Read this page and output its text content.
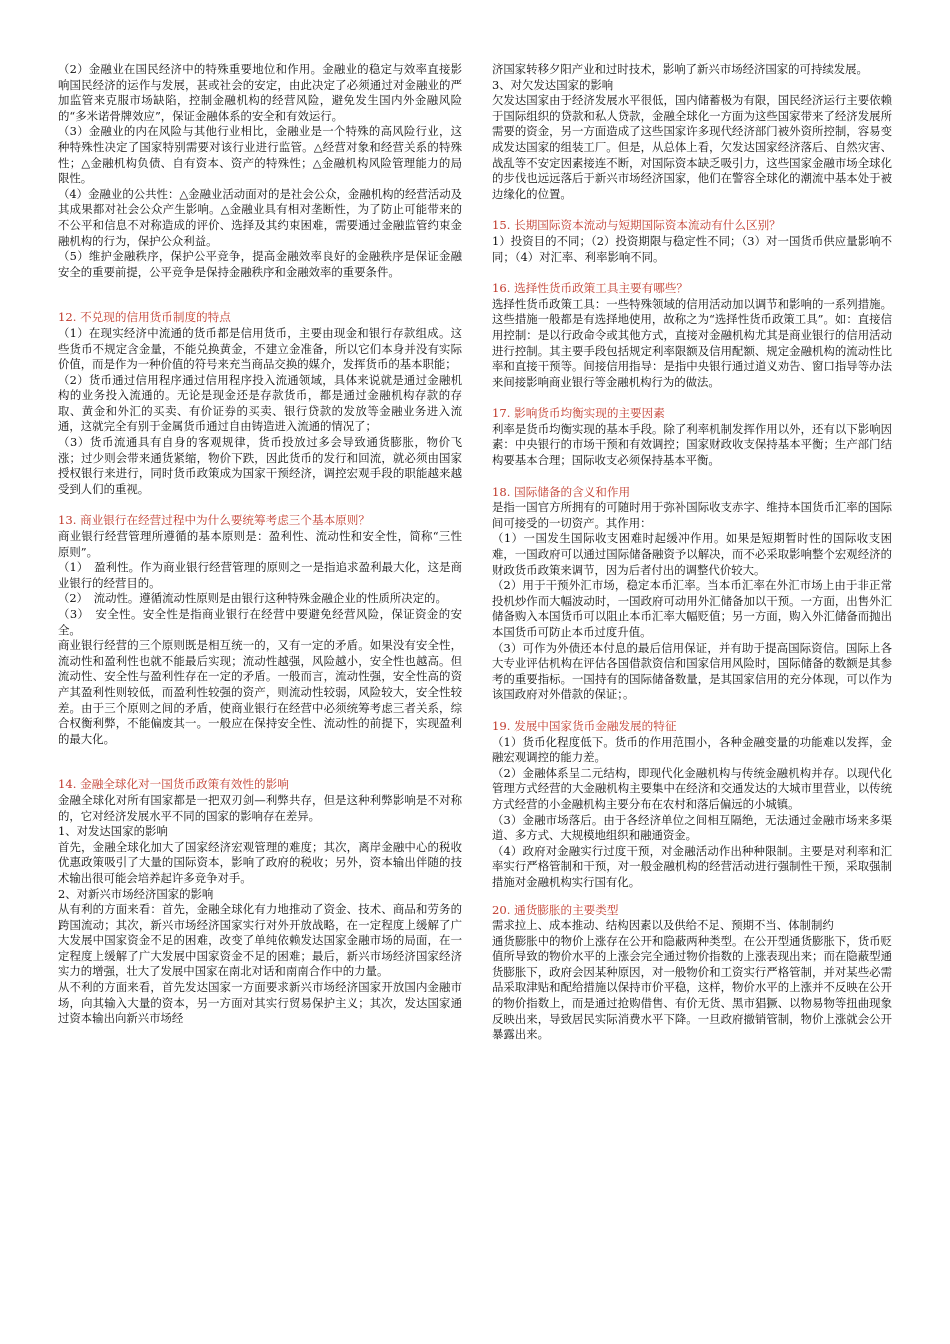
（2）金融业在国民经济中的特殊重要地位和作用。金融业的稳定与效率直接影响国民经济的运作与发展，甚或社会的安定，由此决定了必须通过对金融业的严加监管来克服市场缺陷，控制金融机构的经营风险，避免发生国内外金融风险的“多米诺骨牌效应”，保证金融体系的安全和有效运行。
（3）金融业的内在风险与其他行业相比，金融业是一个特殊的高风险行业，这种特殊性决定了国家特别需要对该行业进行监管。△经营对象和经营关系的特殊性；△金融机构负债、自有资本、资产的特殊性；△金融机构风险管理能力的局限性。
（4）金融业的公共性：△金融业活动面对的是社会公众，金融机构的经营活动及其成果都对社会公众产生影响。△金融业具有相对垄断性，为了防止可能带来的不公平和信息不对称造成的评价、选择及其约束困难，需要通过金融监管约束金融机构的行为，保护公众利益。
（5）维护金融秩序，保护公平竞争，提高金融效率良好的金融秩序是保证金融安全的重要前提，公平竞争是保持金融秩序和金融效率的重要条件。
12. 不兑现的信用货币制度的特点
（1）在现实经济中流通的货币都是信用货币，主要由现金和银行存款组成。这些货币不规定含金量，不能兑换黄金，不建立金准备，所以它们本身并没有实际价值，而是作为一种价值的符号来充当商品交换的媒介，发挥货币的基本职能；
（2）货币通过信用程序通过信用程序投入流通领域，具体来说就是通过金融机构的业务投入流通的。无论是现金还是存款货币，都是通过金融机构存款的存取、黄金和外汇的买卖、有价证券的买卖、银行贷款的发放等金融业务进入流通，这就完全有别于金属货币通过自由铸造进入流通的情况了；
（3）货币流通具有自身的客观规律，货币投放过多会导致通货膨胀，物价飞涨；过少则会带来通货紧缩，物价下跌，因此货币的发行和回流，就必须由国家授权银行来进行，同时货币政策成为国家干预经济，调控宏观手段的职能越来越受到人们的重视。
13. 商业银行在经营过程中为什么要统筹考虑三个基本原则？
商业银行经营管理所遵循的基本原则是：盈利性、流动性和安全性，简称“三性原则”。
（1）　盈利性。作为商业银行经营管理的原则之一是指追求盈利最大化，这是商业银行的经营目的。
（2）　流动性。遵循流动性原则是由银行这种特殊金融企业的性质所决定的。
（3）　安全性。安全性是指商业银行在经营中要避免经营风险，保证资金的安全。
商业银行经营的三个原则既是相互统一的，又有一定的矛盾。如果没有安全性，流动性和盈利性也就不能最后实现；流动性越强，风险越小，安全性也越高。但流动性、安全性与盈利性存在一定的矛盾。一般而言，流动性强，安全性高的资产其盈利性则较低，而盈利性较强的资产，则流动性较弱，风险较大，安全性较差。由于三个原则之间的矛盾，使商业银行在经营中必须统筹考虑三者关系，综合权衡利弊，不能偏废其一。一般应在保持安全性、流动性的前提下，实现盈利的最大化。
14. 金融全球化对一国货币政策有效性的影响
金融全球化对所有国家都是一把双刃剑—利弊共存，但是这种利弊影响是不对称的，它对经济发展水平不同的国家的影响存在差异。
1、对发达国家的影响
首先，金融全球化加大了国家经济宏观管理的难度；其次，离岸金融中心的税收优惠政策吸引了大量的国际资本，影响了政府的税收；另外，资本输出伴随的技术输出很可能会培养起许多竞争对手。
2、对新兴市场经济国家的影响
从有利的方面来看：首先，金融全球化有力地推动了资金、技术、商品和劳务的跨国流动；其次，新兴市场经济国家实行对外开放战略，在一定程度上缓解了广大发展中国家资金不足的困难，改变了单纯依赖发达国家金融市场的局面，在一定程度上缓解了广大发展中国家资金不足的困难；最后，新兴市场经济国家经济实力的增强，壮大了发展中国家在南北对话和南南合作中的力量。
从不利的方面来看，首先发达国家一方面要求新兴市场经济国家开放国内金融市场，向其输入大量的资本，另一方面对其实行贸易保护主义；其次，发达国家通过资本输出向新兴市场经
济国家转移夕阳产业和过时技术，影响了新兴市场经济国家的可持续发展。
3、对欠发达国家的影响
欠发达国家由于经济发展水平很低，国内储蓄极为有限，国民经济运行主要依赖于国际组织的贷款和私人贷款，金融全球化一方面为这些国家带来了经济发展所需要的资金，另一方面造成了这些国家许多现代经济部门被外资所控制，容易变成发达国家的组装工厂。但是，从总体上看，欠发达国家经济落后、自然灾害、战乱等不安定因素接连不断，对国际资本缺乏吸引力，这些国家金融市场全球化的步伐也远远落后于新兴市场经济国家，他们在警容全球化的潮流中基本处于被边缘化的位置。
15. 长期国际资本流动与短期国际资本流动有什么区别？
1）投资目的不同；（2）投资期限与稳定性不同；（3）对一国货币供应量影响不同；（4）对汇率、利率影响不同。
16. 选择性货币政策工具主要有哪些？
选择性货币政策工具：一些特殊领域的信用活动加以调节和影响的一系列措施。这些措施一般都是有选择地使用，故称之为“选择性货币政策工具”。如：直接信用控制：是以行政命令或其他方式，直接对金融机构尤其是商业银行的信用活动进行控制。其主要手段包括规定利率限额及信用配额、规定金融机构的流动性比率和直接干预等。间接信用指导：是指中央银行通过道义劝告、窗口指导等办法来间接影响商业银行等金融机构行为的做法。
17. 影响货币均衡实现的主要因素
利率是货币均衡实现的基本手段。除了利率机制发挥作用以外，还有以下影响因素：中央银行的市场干预和有效调控；国家财政收支保持基本平衡；生产部门结构要基本合理；国际收支必须保持基本平衡。
18. 国际储备的含义和作用
是指一国官方所拥有的可随时用于弥补国际收支赤字、维持本国货币汇率的国际间可接受的一切资产。其作用：
（1）一国发生国际收支困难时起缓冲作用。如果是短期暂时性的国际收支困难，一国政府可以通过国际储备融资予以解决，而不必采取影响整个宏观经济的财政货币政策来调节，因为后者付出的调整代价较大。
（2）用于干预外汇市场，稳定本币汇率。当本币汇率在外汇市场上由于非正常投机炒作而大幅波动时，一国政府可动用外汇储备加以干预。一方面，出售外汇储备购入本国货币可以阻止本币汇率大幅贬值；另一方面，购入外汇储备而抛出本国货币可防止本币过度升值。
（3）可作为外债还本付息的最后信用保证，并有助于提高国际资信。国际上各大专业评估机构在评估各国借款资信和国家信用风险时，国际储备的数额是其参考的重要指标。一国持有的国际储备数量，是其国家信用的充分体现，可以作为该国政府对外借款的保证；。
19. 发展中国家货币金融发展的特征
（1）货币化程度低下。货币的作用范围小，各种金融变量的功能难以发挥，金融宏观调控的能力差。
（2）金融体系呈二元结构，即现代化金融机构与传统金融机构并存。以现代化管理方式经营的大金融机构主要集中在经济和交通发达的大城市里营业，以传统方式经营的小金融机构主要分布在农村和落后偏远的小城镇。
（3）金融市场落后。由于各经济单位之间相互隔绝，无法通过金融市场来多渠道、多方式、大规模地组织和融通资金。
（4）政府对金融实行过度干预，对金融活动作出种种限制。主要是对利率和汇率实行严格管制和干预，对一般金融机构的经营活动进行强制性干预，采取强制措施对金融机构实行国有化。
20. 通货膨胀的主要类型
需求拉上、成本推动、结构因素以及供给不足、预期不当、体制制约
通货膨胀中的物价上涨存在公开和隐蔽两种类型。在公开型通货膨胀下，货币贬值所导致的物价水平的上涨会完全通过物价指数的上涨表现出来；而在隐蔽型通货膨胀下，政府会因某种原因，对一般物价和工资实行严格管制，并对某些必需品采取津贴和配给措施以保持市价平稳，这样，物价水平的上涨并不反映在公开的物价指数上，而是通过抢购借售、有价无货、黑市猖獗、以物易物等扭曲现象反映出来，导致居民实际消费水平下降。一旦政府撤销管制，物价上涨就会公开暴露出来。
